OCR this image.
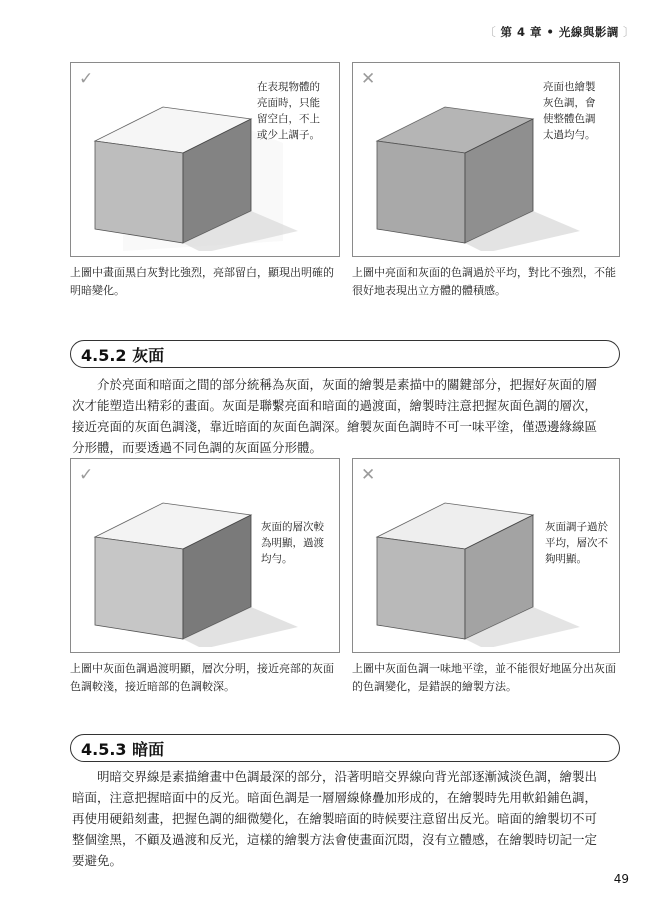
〔 第 4 章 • 光線與影調 〕
✓	在表現物體的
亮面時，只能
留空白，不上
或少上調子。
上圖中畫面黑白灰對比強烈，亮部留白，顯現出明確的
明暗變化。
✕	亮面也繪製
灰色調，會
使整體色調
太過均勻。
上圖中亮面和灰面的色調過於平均，對比不強烈，不能
很好地表現出立方體的體積感。
4.5.2 灰面
　　介於亮面和暗面之間的部分統稱為灰面，灰面的繪製是素描中的關鍵部分，把握好灰面的層
次才能塑造出精彩的畫面。灰面是聯繫亮面和暗面的過渡面，繪製時注意把握灰面色調的層次，
接近亮面的灰面色調淺，靠近暗面的灰面色調深。繪製灰面色調時不可一味平塗，僅憑邊緣線區
分形體，而要透過不同色調的灰面區分形體。
✓
灰面的層次較
為明顯，過渡
均勻。
上圖中灰面色調過渡明顯，層次分明，接近亮部的灰面
色調較淺，接近暗部的色調較深。
✕
灰面調子過於
平均，層次不
夠明顯。
上圖中灰面色調一味地平塗，並不能很好地區分出灰面
的色調變化，是錯誤的繪製方法。
4.5.3 暗面
　　明暗交界線是素描繪畫中色調最深的部分，沿著明暗交界線向背光部逐漸減淡色調，繪製出
暗面，注意把握暗面中的反光。暗面色調是一層層線條疊加形成的，在繪製時先用軟鉛鋪色調，
再使用硬鉛刻畫，把握色調的細微變化，在繪製暗面的時候要注意留出反光。暗面的繪製切不可
整個塗黑，不顧及過渡和反光，這樣的繪製方法會使畫面沉悶，沒有立體感，在繪製時切記一定
要避免。
49
